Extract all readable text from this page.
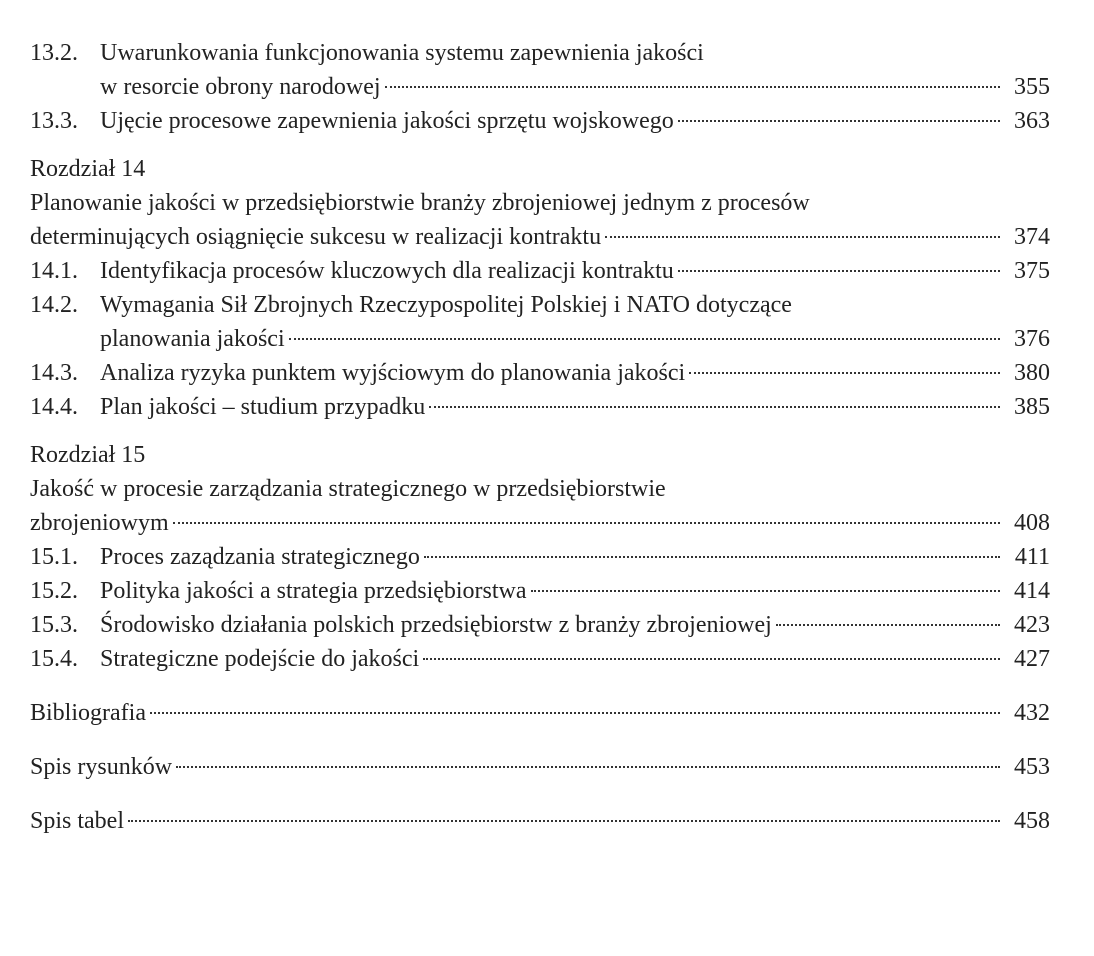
13.2. Uwarunkowania funkcjonowania systemu zapewnienia jakości
w resorcie obrony narodowej	355
13.3. Ujęcie procesowe zapewnienia jakości sprzętu wojskowego	363
Rozdział 14
Planowanie jakości w przedsiębiorstwie branży zbrojeniowej jednym z procesów
determinujących osiągnięcie sukcesu w realizacji kontraktu	374
14.1. Identyfikacja procesów kluczowych dla realizacji kontraktu	375
14.2. Wymagania Sił Zbrojnych Rzeczypospolitej Polskiej i NATO dotyczące
planowania jakości	376
14.3. Analiza ryzyka punktem wyjściowym do planowania jakości	380
14.4. Plan jakości – studium przypadku	385
Rozdział 15
Jakość w procesie zarządzania strategicznego w przedsiębiorstwie
zbrojeniowym	408
15.1. Proces zaządzania strategicznego	411
15.2. Polityka jakości a strategia przedsiębiorstwa	414
15.3. Środowisko działania polskich przedsiębiorstw z branży zbrojeniowej	423
15.4. Strategiczne podejście do jakości	427
Bibliografia	432
Spis rysunków	453
Spis tabel	458
